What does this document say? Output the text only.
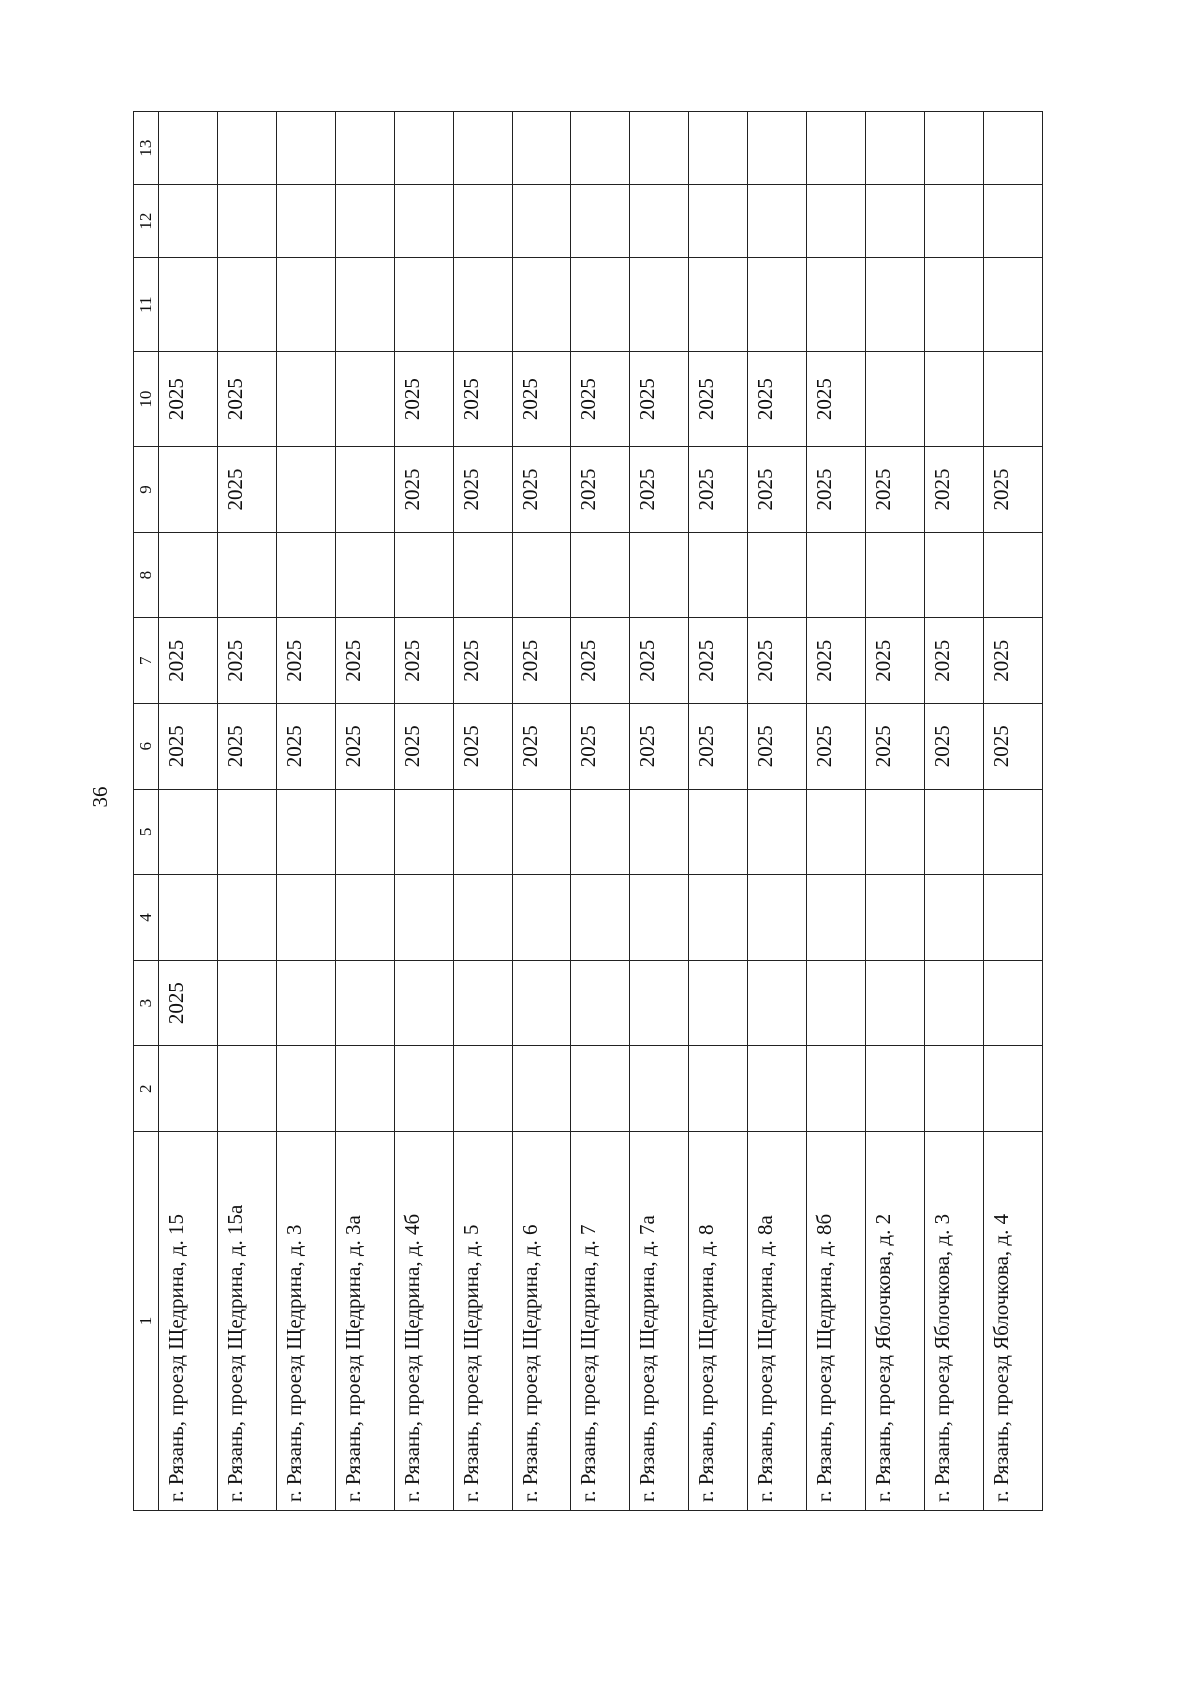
36
1	2	3	4	5	6	7	8	9	10	11	12	13
г. Рязань, проезд Щедрина, д. 15		2025			2025	2025			2025			
г. Рязань, проезд Щедрина, д. 15а					2025	2025		2025	2025			
г. Рязань, проезд Щедрина, д. 3					2025	2025						
г. Рязань, проезд Щедрина, д. 3а					2025	2025						
г. Рязань, проезд Щедрина, д. 4б					2025	2025		2025	2025			
г. Рязань, проезд Щедрина, д. 5					2025	2025		2025	2025			
г. Рязань, проезд Щедрина, д. 6					2025	2025		2025	2025			
г. Рязань, проезд Щедрина, д. 7					2025	2025		2025	2025			
г. Рязань, проезд Щедрина, д. 7а					2025	2025		2025	2025			
г. Рязань, проезд Щедрина, д. 8					2025	2025		2025	2025			
г. Рязань, проезд Щедрина, д. 8а					2025	2025		2025	2025			
г. Рязань, проезд Щедрина, д. 8б					2025	2025		2025	2025			
г. Рязань, проезд Яблочкова, д. 2					2025	2025		2025				
г. Рязань, проезд Яблочкова, д. 3					2025	2025		2025				
г. Рязань, проезд Яблочкова, д. 4					2025	2025		2025				
